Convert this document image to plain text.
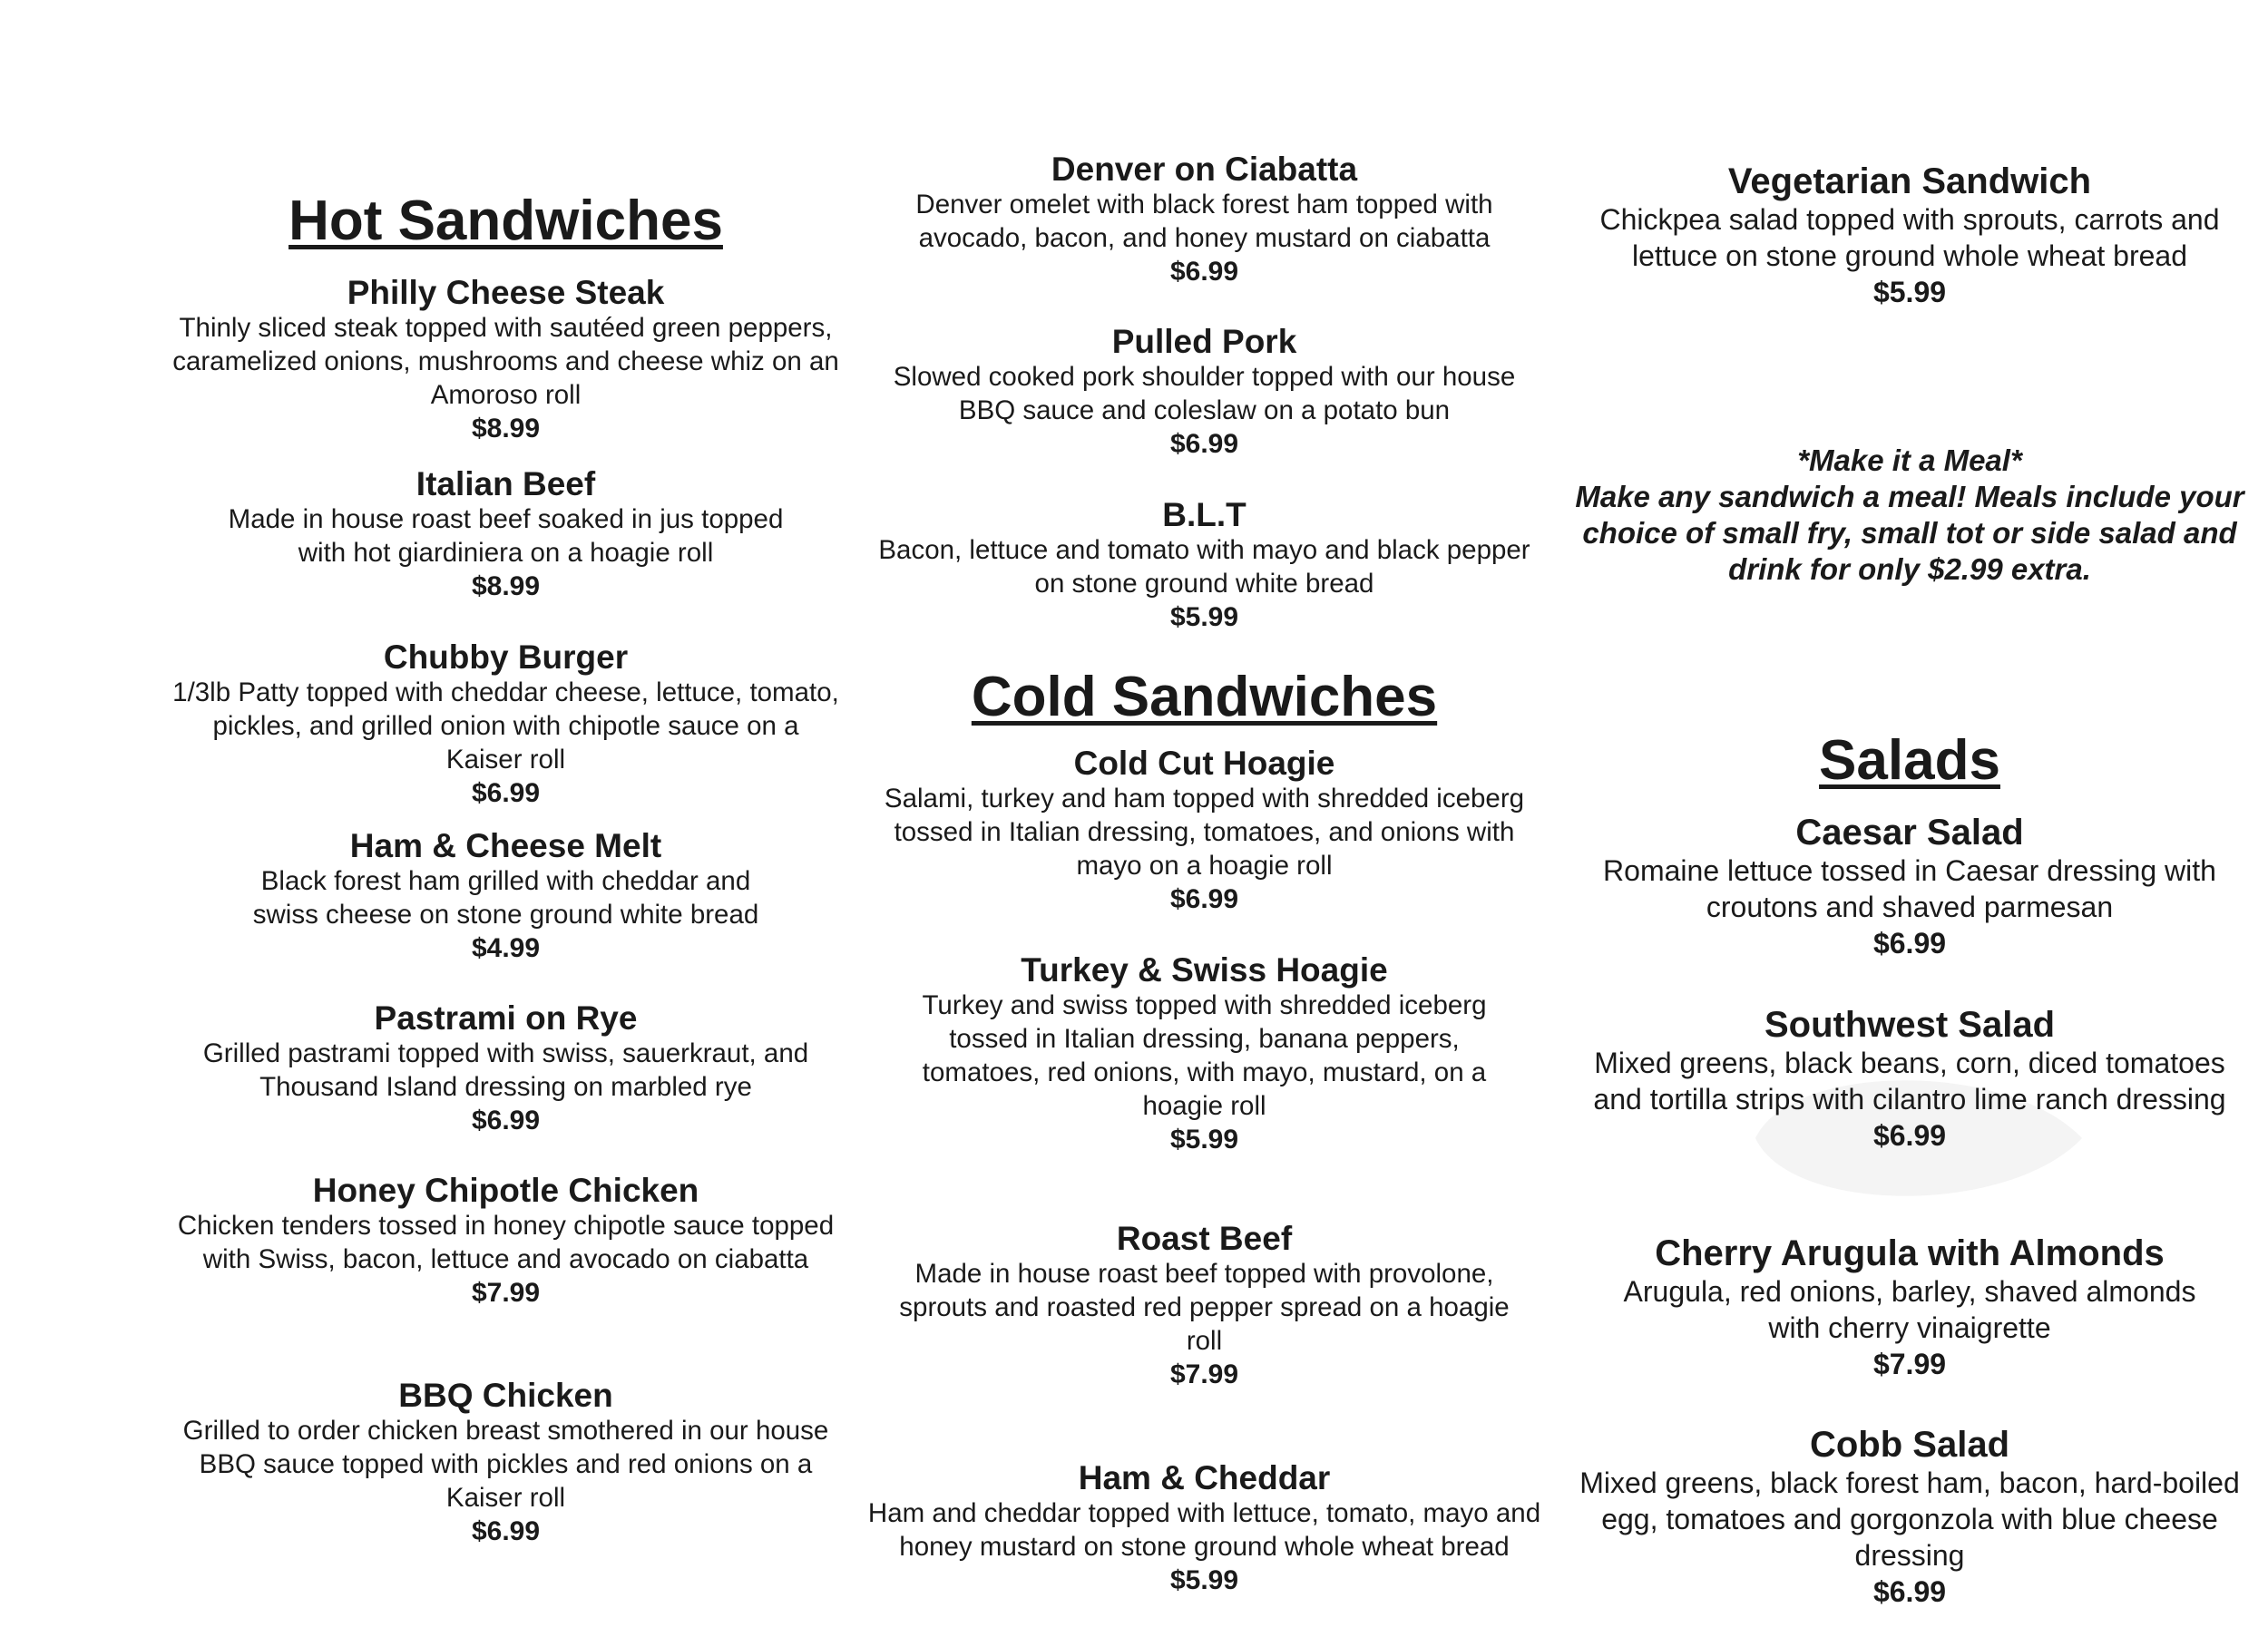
Hot Sandwiches
Philly Cheese Steak
Thinly sliced steak topped with sautéed green peppers, caramelized onions, mushrooms and cheese whiz on an Amoroso roll
$8.99
Italian Beef
Made in house roast beef soaked in jus topped with hot giardiniera on a hoagie roll
$8.99
Chubby Burger
1/3lb Patty topped with cheddar cheese, lettuce, tomato, pickles, and grilled onion with chipotle sauce on a Kaiser roll
$6.99
Ham & Cheese Melt
Black forest ham grilled with cheddar and swiss cheese on stone ground white bread
$4.99
Pastrami on Rye
Grilled pastrami topped with swiss, sauerkraut, and Thousand Island dressing on marbled rye
$6.99
Honey Chipotle Chicken
Chicken tenders tossed in honey chipotle sauce topped with Swiss, bacon, lettuce and avocado on ciabatta
$7.99
BBQ Chicken
Grilled to order chicken breast smothered in our house BBQ sauce topped with pickles and red onions on a Kaiser roll
$6.99
Denver on Ciabatta
Denver omelet with black forest ham topped with avocado, bacon, and honey mustard on ciabatta
$6.99
Pulled Pork
Slowed cooked pork shoulder topped with our house BBQ sauce and coleslaw on a potato bun
$6.99
B.L.T
Bacon, lettuce and tomato with mayo and black pepper on stone ground white bread
$5.99
Cold Sandwiches
Cold Cut Hoagie
Salami, turkey and ham topped with shredded iceberg tossed in Italian dressing, tomatoes, and onions with mayo on a hoagie roll
$6.99
Turkey & Swiss Hoagie
Turkey and swiss topped with shredded iceberg tossed in Italian dressing, banana peppers, tomatoes, red onions, with mayo, mustard, on a hoagie roll
$5.99
Roast Beef
Made in house roast beef topped with provolone, sprouts and roasted red pepper spread on a hoagie roll
$7.99
Ham & Cheddar
Ham and cheddar topped with lettuce, tomato, mayo and honey mustard on stone ground whole wheat bread
$5.99
Vegetarian Sandwich
Chickpea salad topped with sprouts, carrots and lettuce on stone ground whole wheat bread
$5.99
*Make it a Meal*
Make any sandwich a meal! Meals include your choice of small fry, small tot or side salad and drink for only $2.99 extra.
Salads
Caesar Salad
Romaine lettuce tossed in Caesar dressing with croutons and shaved parmesan
$6.99
Southwest Salad
Mixed greens, black beans, corn, diced tomatoes and tortilla strips with cilantro lime ranch dressing
$6.99
Cherry Arugula with Almonds
Arugula, red onions, barley, shaved almonds with cherry vinaigrette
$7.99
Cobb Salad
Mixed greens, black forest ham, bacon, hard-boiled egg, tomatoes and gorgonzola with blue cheese dressing
$6.99
